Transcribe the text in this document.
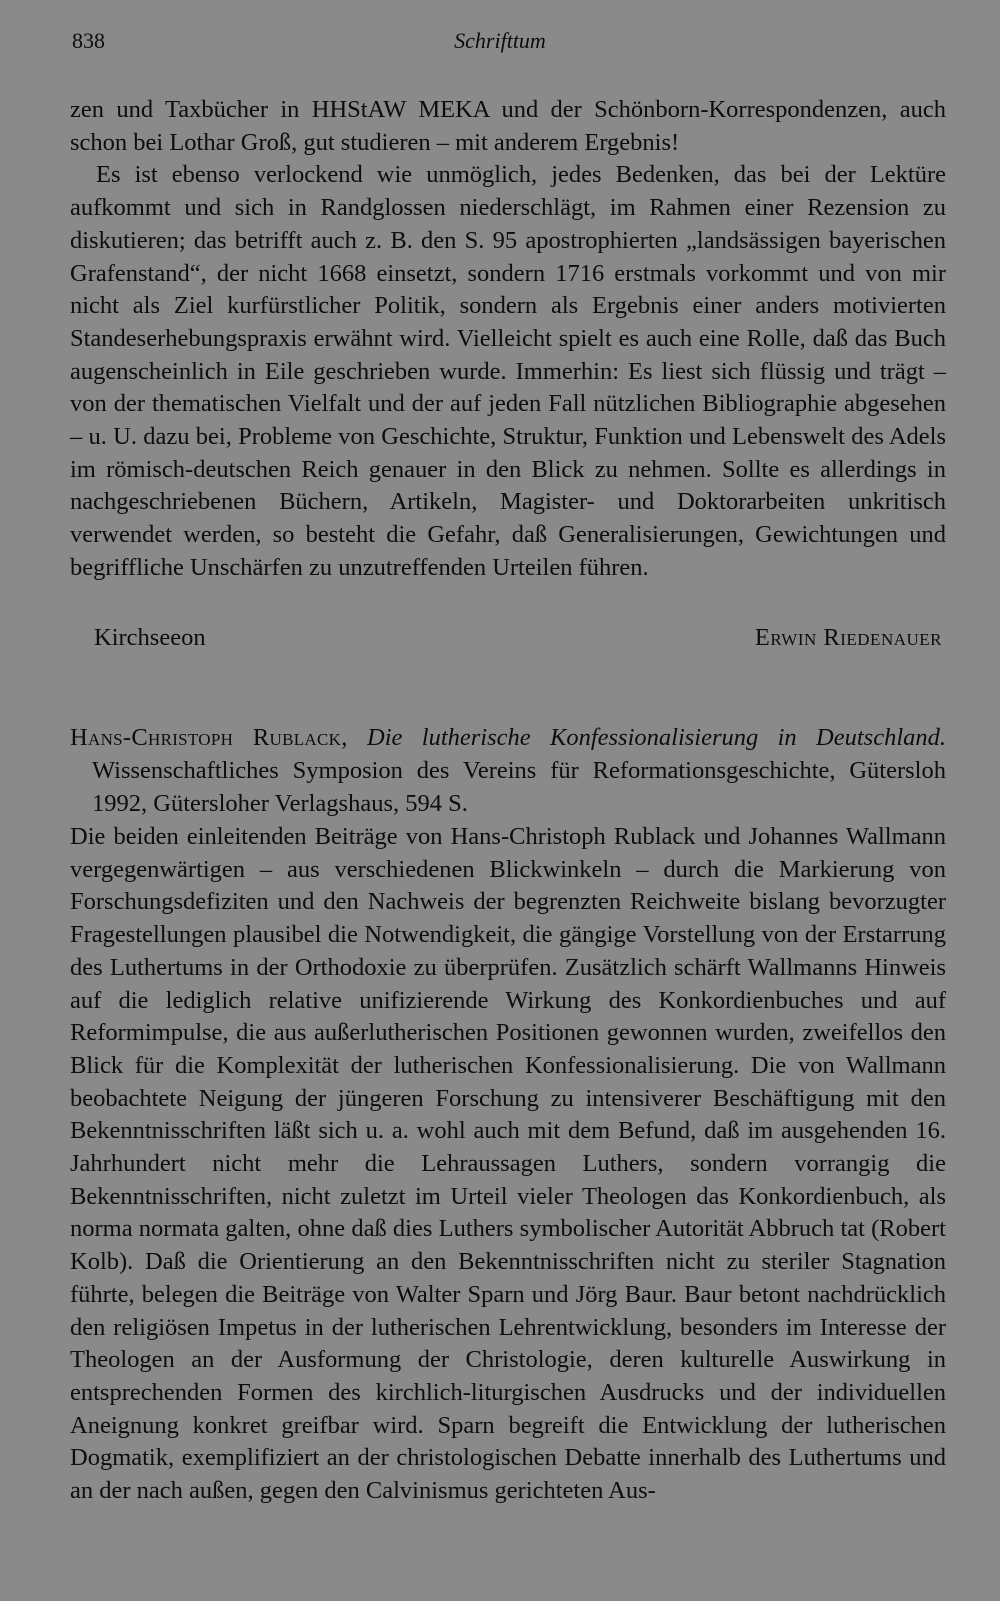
838	Schrifttum

zen und Taxbücher in HHStAW MEKA und der Schönborn-Korrespondenzen, auch schon bei Lothar Groß, gut studieren – mit anderem Ergebnis!

Es ist ebenso verlockend wie unmöglich, jedes Bedenken, das bei der Lektüre aufkommt und sich in Randglossen niederschlägt, im Rahmen einer Rezension zu diskutieren; das betrifft auch z. B. den S. 95 apostrophierten „landsässigen bayerischen Grafenstand“, der nicht 1668 einsetzt, sondern 1716 erstmals vorkommt und von mir nicht als Ziel kurfürstlicher Politik, sondern als Ergebnis einer anders motivierten Standeserhebungspraxis erwähnt wird. Vielleicht spielt es auch eine Rolle, daß das Buch augenscheinlich in Eile geschrieben wurde. Immerhin: Es liest sich flüssig und trägt – von der thematischen Vielfalt und der auf jeden Fall nützlichen Bibliographie abgesehen – u. U. dazu bei, Probleme von Geschichte, Struktur, Funktion und Lebenswelt des Adels im römisch-deutschen Reich genauer in den Blick zu nehmen. Sollte es allerdings in nachgeschriebenen Büchern, Artikeln, Magister- und Doktorarbeiten unkritisch verwendet werden, so besteht die Gefahr, daß Generalisierungen, Gewichtungen und begriffliche Unschärfen zu unzutreffenden Urteilen führen.

Kirchseeon	Erwin Riedenauer

Hans-Christoph Rublack, Die lutherische Konfessionalisierung in Deutschland. Wissenschaftliches Symposion des Vereins für Reformationsgeschichte, Gütersloh 1992, Gütersloher Verlagshaus, 594 S.

Die beiden einleitenden Beiträge von Hans-Christoph Rublack und Johannes Wallmann vergegenwärtigen – aus verschiedenen Blickwinkeln – durch die Markierung von Forschungsdefiziten und den Nachweis der begrenzten Reichweite bislang bevorzugter Fragestellungen plausibel die Notwendigkeit, die gängige Vorstellung von der Erstarrung des Luthertums in der Orthodoxie zu überprüfen. Zusätzlich schärft Wallmanns Hinweis auf die lediglich relative unifizierende Wirkung des Konkordienbuches und auf Reformimpulse, die aus außerlutherischen Positionen gewonnen wurden, zweifellos den Blick für die Komplexität der lutherischen Konfessionalisierung. Die von Wallmann beobachtete Neigung der jüngeren Forschung zu intensiverer Beschäftigung mit den Bekenntnisschriften läßt sich u. a. wohl auch mit dem Befund, daß im ausgehenden 16. Jahrhundert nicht mehr die Lehraussagen Luthers, sondern vorrangig die Bekenntnisschriften, nicht zuletzt im Urteil vieler Theologen das Konkordienbuch, als norma normata galten, ohne daß dies Luthers symbolischer Autorität Abbruch tat (Robert Kolb). Daß die Orientierung an den Bekenntnisschriften nicht zu steriler Stagnation führte, belegen die Beiträge von Walter Sparn und Jörg Baur. Baur betont nachdrücklich den religiösen Impetus in der lutherischen Lehrentwicklung, besonders im Interesse der Theologen an der Ausformung der Christologie, deren kulturelle Auswirkung in entsprechenden Formen des kirchlich-liturgischen Ausdrucks und der individuellen Aneignung konkret greifbar wird. Sparn begreift die Entwicklung der lutherischen Dogmatik, exemplifiziert an der christologischen Debatte innerhalb des Luthertums und an der nach außen, gegen den Calvinismus gerichteten Aus-
